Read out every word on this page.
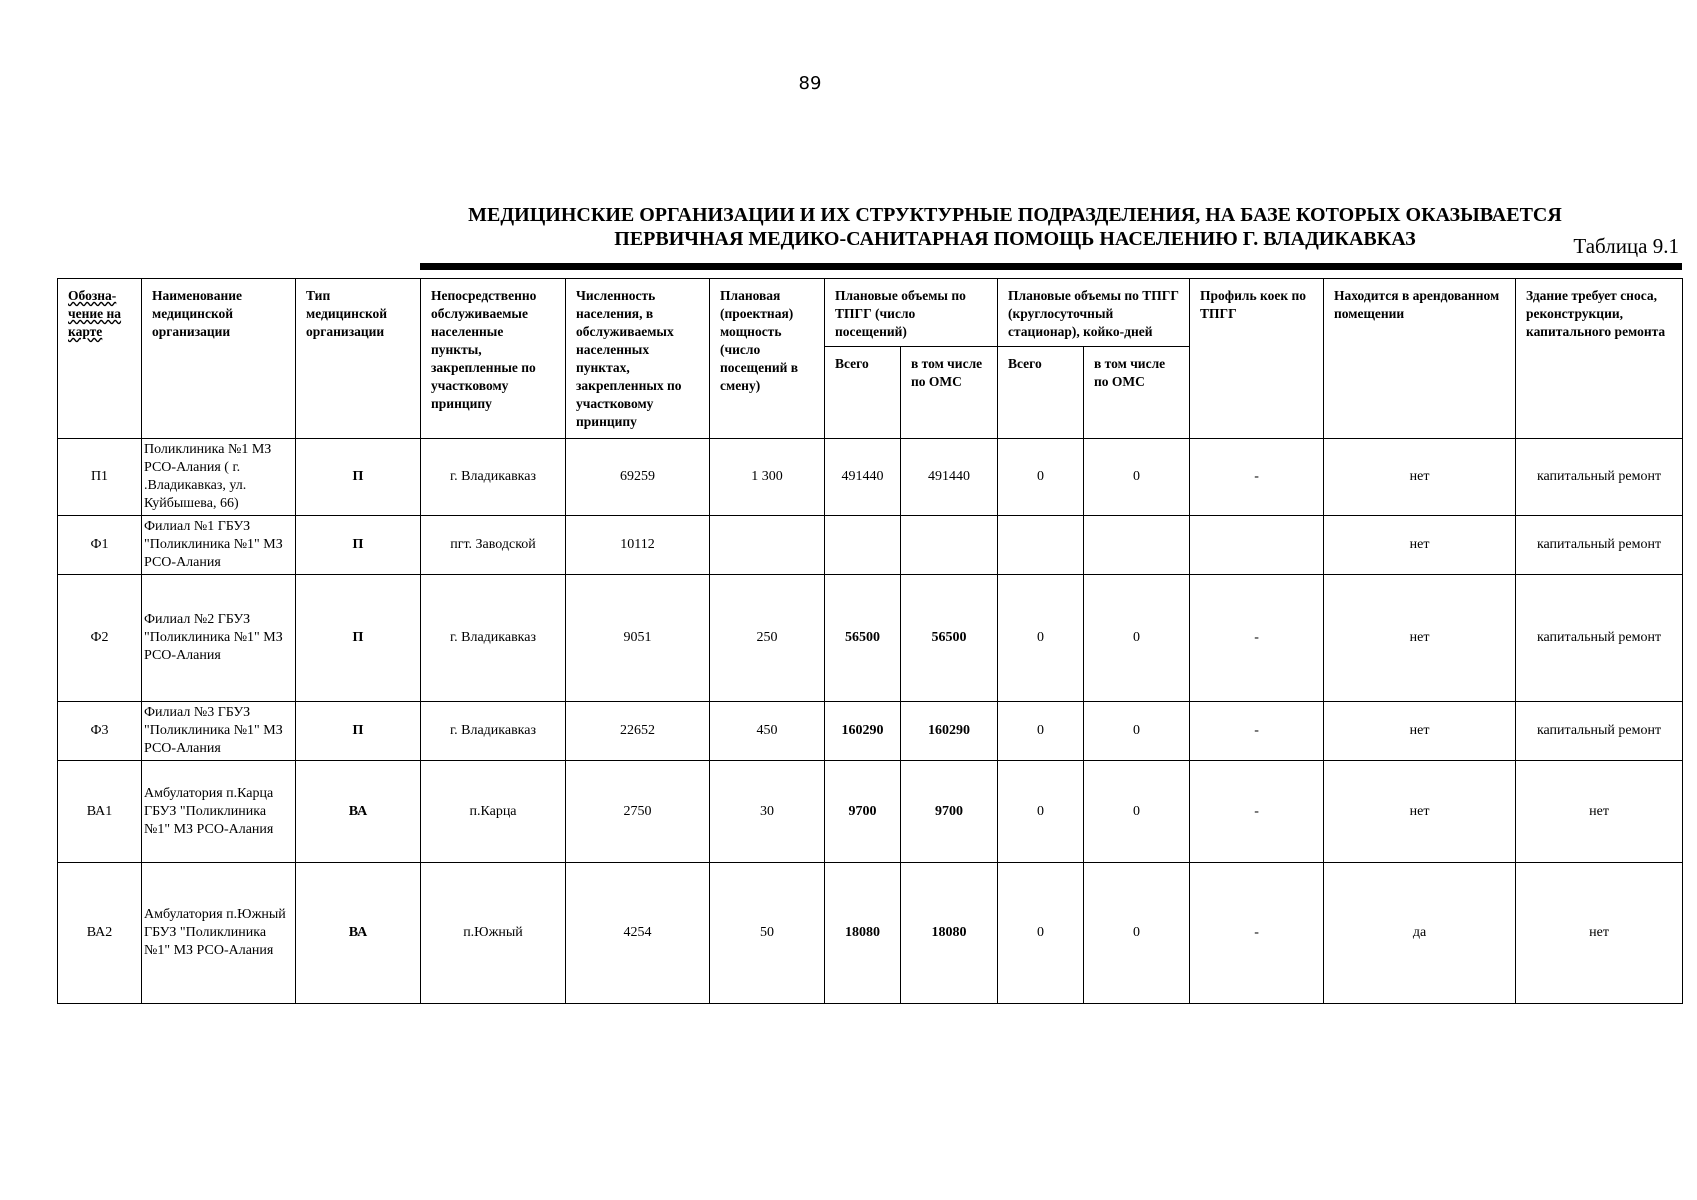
89
МЕДИЦИНСКИЕ ОРГАНИЗАЦИИ И ИХ СТРУКТУРНЫЕ ПОДРАЗДЕЛЕНИЯ, НА БАЗЕ КОТОРЫХ ОКАЗЫВАЕТСЯ
ПЕРВИЧНАЯ МЕДИКО-САНИТАРНАЯ ПОМОЩЬ НАСЕЛЕНИЮ Г. ВЛАДИКАВКАЗ	Таблица 9.1
Обозна-чение на карте	Наименование медицинской организации	Тип медицинской организации	Непосредственно обслуживаемые населенные пункты, закрепленные по участковому принципу	Численность населения, в обслуживаемых населенных пунктах, закрепленных по участковому принципу	Плановая (проектная) мощность (число посещений в смену)	Плановые объемы по ТПГГ (число посещений)		Плановые объемы по ТПГГ (круглосуточный стационар), койко-дней		Профиль коек по ТПГГ	Находится в арендованном помещении	Здание требует сноса, реконструкции, капитального ремонта
						Всего	в том числе по ОМС	Всего	в том числе по ОМС			
П1	Поликлиника №1 МЗ РСО-Алания ( г. .Владикавказ, ул. Куйбышева, 66)	П	г. Владикавказ	69259	1 300	491440	491440	0	0	-	нет	капитальный ремонт
Ф1	Филиал №1 ГБУЗ "Поликлиника №1" МЗ РСО-Алания	П	пгт. Заводской	10112							нет	капитальный ремонт
Ф2	Филиал №2 ГБУЗ "Поликлиника №1" МЗ РСО-Алания	П	г. Владикавказ	9051	250	56500	56500	0	0	-	нет	капитальный ремонт
Ф3	Филиал №3 ГБУЗ "Поликлиника №1" МЗ РСО-Алания	П	г. Владикавказ	22652	450	160290	160290	0	0	-	нет	капитальный ремонт
ВА1	Амбулатория п.Карца ГБУЗ "Поликлиника №1" МЗ РСО-Алания	ВА	п.Карца	2750	30	9700	9700	0	0	-	нет	нет
ВА2	Амбулатория п.Южный ГБУЗ "Поликлиника №1" МЗ РСО-Алания	ВА	п.Южный	4254	50	18080	18080	0	0	-	да	нет
